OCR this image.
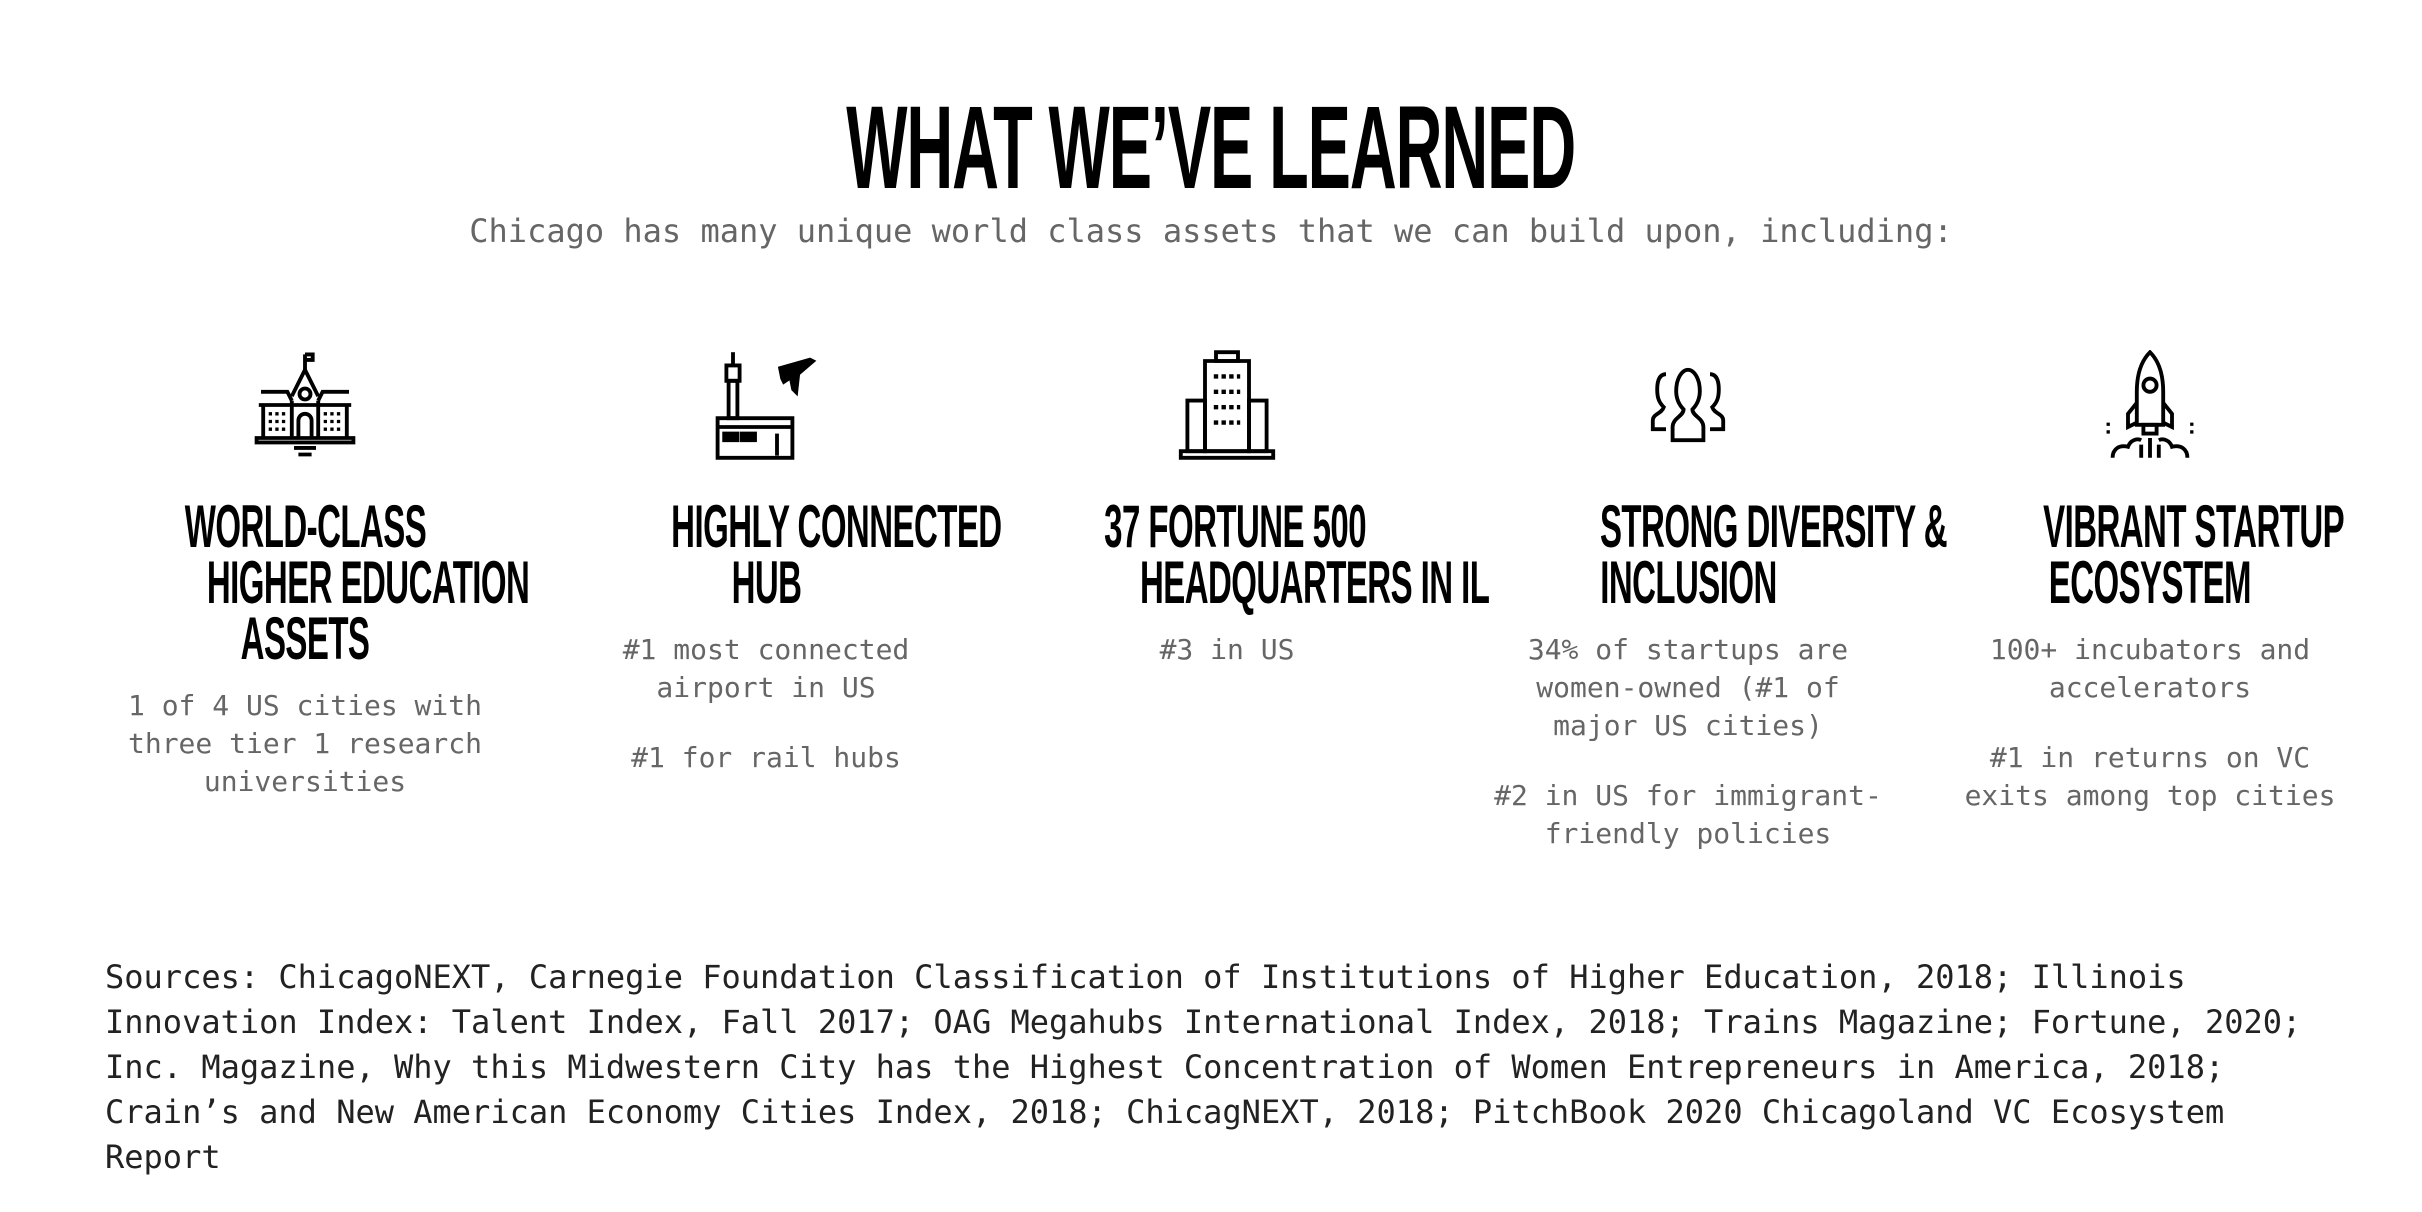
WHAT WE’VE LEARNED
Chicago has many unique world class assets that we can build upon, including:
WORLD-CLASS
HIGHER EDUCATION
ASSETS
1 of 4 US cities with
three tier 1 research
universities
HIGHLY CONNECTED
HUB
#1 most connected
airport in US
#1 for rail hubs
37 FORTUNE 500
HEADQUARTERS IN IL
#3 in US
STRONG DIVERSITY &
INCLUSION
34% of startups are
women-owned (#1 of
major US cities)
#2 in US for immigrant-
friendly policies
VIBRANT STARTUP
ECOSYSTEM
100+ incubators and
accelerators
#1 in returns on VC
exits among top cities
Sources: ChicagoNEXT, Carnegie Foundation Classification of Institutions of Higher Education, 2018; Illinois
Innovation Index: Talent Index, Fall 2017; OAG Megahubs International Index, 2018; Trains Magazine; Fortune, 2020;
Inc. Magazine, Why this Midwestern City has the Highest Concentration of Women Entrepreneurs in America, 2018;
Crain’s and New American Economy Cities Index, 2018; ChicagNEXT, 2018; PitchBook 2020 Chicagoland VC Ecosystem
Report
